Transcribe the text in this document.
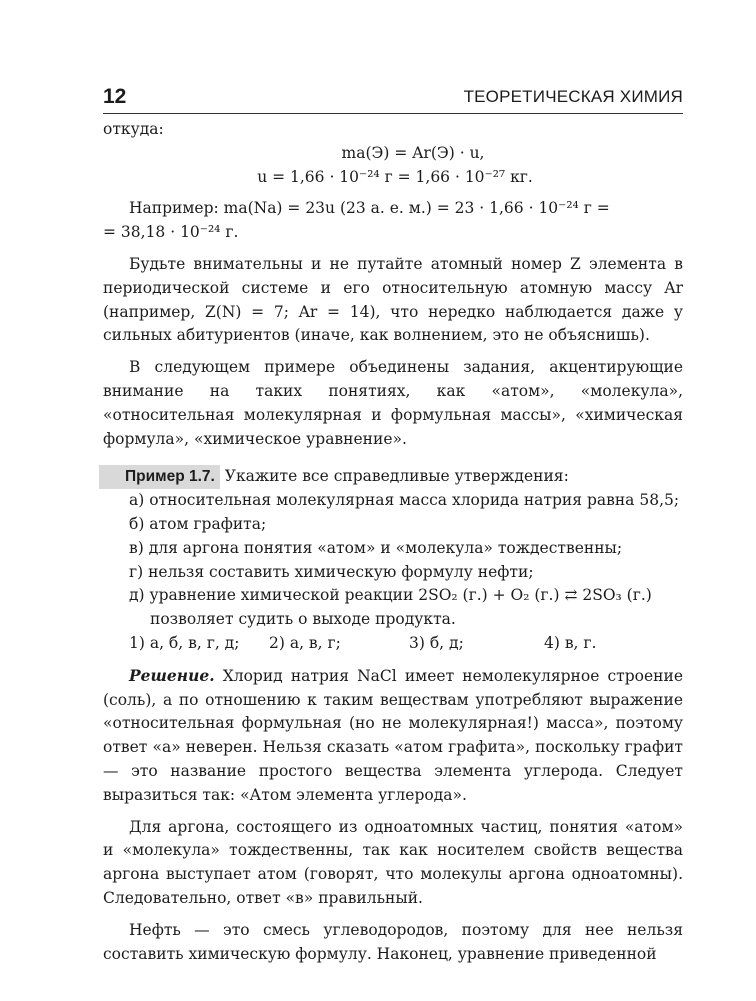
12	ТЕОРЕТИЧЕСКАЯ ХИМИЯ

откуда:

mа(Э) = Ar(Э) · u,

u = 1,66 · 10⁻²⁴ г = 1,66 · 10⁻²⁷ кг.

Например: mа(Na) = 23u (23 а. е. м.) = 23 · 1,66 · 10⁻²⁴ г =

= 38,18 · 10⁻²⁴ г.

Будьте внимательны и не путайте атомный номер Z элемента в периодической системе и его относительную атомную массу Ar (например, Z(N) = 7; Ar = 14), что нередко наблюдается даже у сильных абитуриентов (иначе, как волнением, это не объяснишь).

В следующем примере объединены задания, акцентирующие внимание на таких понятиях, как «атом», «молекула», «относительная молекулярная и формульная массы», «химическая формула», «химическое уравнение».

Пример 1.7. Укажите все справедливые утверждения:

а) относительная молекулярная масса хлорида натрия равна 58,5;

б) атом графита;

в) для аргона понятия «атом» и «молекула» тождественны;

г) нельзя составить химическую формулу нефти;

д) уравнение химической реакции 2SO₂ (г.) + O₂ (г.) ⇄ 2SO₃ (г.) позволяет судить о выходе продукта.

1) а, б, в, г, д; 2) а, в, г;	3) б, д;	4) в, г.

Решение. Хлорид натрия NaCl имеет немолекулярное строение (соль), а по отношению к таким веществам употребляют выражение «относительная формульная (но не молекулярная!) масса», поэтому ответ «а» неверен. Нельзя сказать «атом графита», поскольку графит — это название простого вещества элемента углерода. Следует выразиться так: «Атом элемента углерода».

Для аргона, состоящего из одноатомных частиц, понятия «атом» и «молекула» тождественны, так как носителем свойств вещества аргона выступает атом (говорят, что молекулы аргона одноатомны). Следовательно, ответ «в» правильный.

Нефть — это смесь углеводородов, поэтому для нее нельзя составить химическую формулу. Наконец, уравнение приведенной
